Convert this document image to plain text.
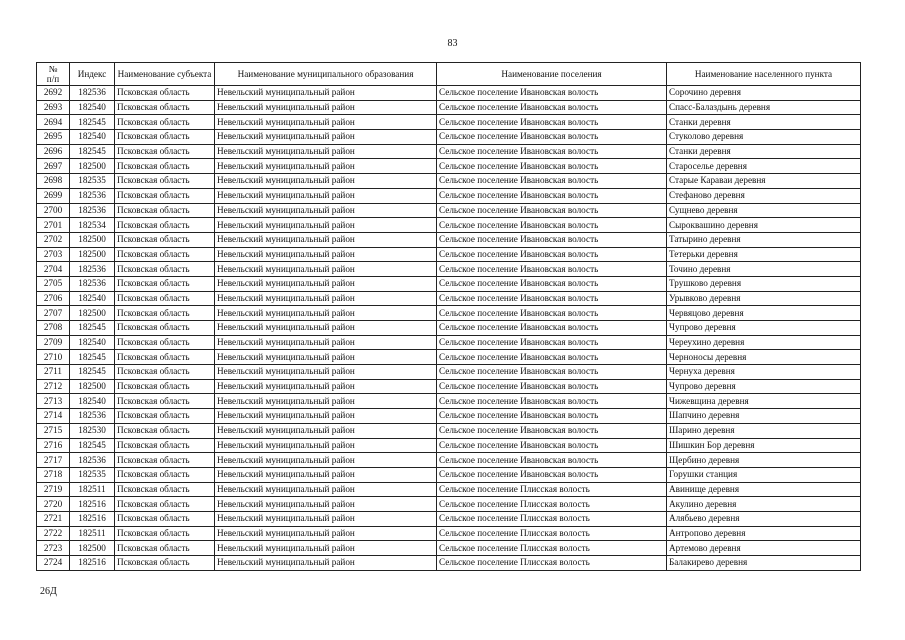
83
№
п/п	Индекс	Наименование субъекта	Наименование муниципального образования	Наименование поселения	Наименование населенного пункта
2692	182536	Псковская область	Невельский муниципальный район	Сельское поселение Ивановская волость	Сорочино деревня
2693	182540	Псковская область	Невельский муниципальный район	Сельское поселение Ивановская волость	Спасс-Балаздынь деревня
2694	182545	Псковская область	Невельский муниципальный район	Сельское поселение Ивановская волость	Станки деревня
2695	182540	Псковская область	Невельский муниципальный район	Сельское поселение Ивановская волость	Стуколово деревня
2696	182545	Псковская область	Невельский муниципальный район	Сельское поселение Ивановская волость	Станки деревня
2697	182500	Псковская область	Невельский муниципальный район	Сельское поселение Ивановская волость	Староселье деревня
2698	182535	Псковская область	Невельский муниципальный район	Сельское поселение Ивановская волость	Старые Караваи деревня
2699	182536	Псковская область	Невельский муниципальный район	Сельское поселение Ивановская волость	Стефаново деревня
2700	182536	Псковская область	Невельский муниципальный район	Сельское поселение Ивановская волость	Сущнево деревня
2701	182534	Псковская область	Невельский муниципальный район	Сельское поселение Ивановская волость	Сыроквашино деревня
2702	182500	Псковская область	Невельский муниципальный район	Сельское поселение Ивановская волость	Татырино деревня
2703	182500	Псковская область	Невельский муниципальный район	Сельское поселение Ивановская волость	Тетерьки деревня
2704	182536	Псковская область	Невельский муниципальный район	Сельское поселение Ивановская волость	Точино деревня
2705	182536	Псковская область	Невельский муниципальный район	Сельское поселение Ивановская волость	Трушково деревня
2706	182540	Псковская область	Невельский муниципальный район	Сельское поселение Ивановская волость	Урывково деревня
2707	182500	Псковская область	Невельский муниципальный район	Сельское поселение Ивановская волость	Червяцово деревня
2708	182545	Псковская область	Невельский муниципальный район	Сельское поселение Ивановская волость	Чупрово деревня
2709	182540	Псковская область	Невельский муниципальный район	Сельское поселение Ивановская волость	Череухино деревня
2710	182545	Псковская область	Невельский муниципальный район	Сельское поселение Ивановская волость	Черноносы деревня
2711	182545	Псковская область	Невельский муниципальный район	Сельское поселение Ивановская волость	Чернуха деревня
2712	182500	Псковская область	Невельский муниципальный район	Сельское поселение Ивановская волость	Чупрово деревня
2713	182540	Псковская область	Невельский муниципальный район	Сельское поселение Ивановская волость	Чижевщина деревня
2714	182536	Псковская область	Невельский муниципальный район	Сельское поселение Ивановская волость	Шапчино деревня
2715	182530	Псковская область	Невельский муниципальный район	Сельское поселение Ивановская волость	Шарино деревня
2716	182545	Псковская область	Невельский муниципальный район	Сельское поселение Ивановская волость	Шишкин Бор деревня
2717	182536	Псковская область	Невельский муниципальный район	Сельское поселение Ивановская волость	Щербино деревня
2718	182535	Псковская область	Невельский муниципальный район	Сельское поселение Ивановская волость	Горушки станция
2719	182511	Псковская область	Невельский муниципальный район	Сельское поселение Плисская волость	Авинище деревня
2720	182516	Псковская область	Невельский муниципальный район	Сельское поселение Плисская волость	Акулино деревня
2721	182516	Псковская область	Невельский муниципальный район	Сельское поселение Плисская волость	Алябьево деревня
2722	182511	Псковская область	Невельский муниципальный район	Сельское поселение Плисская волость	Антропово деревня
2723	182500	Псковская область	Невельский муниципальный район	Сельское поселение Плисская волость	Артемово деревня
2724	182516	Псковская область	Невельский муниципальный район	Сельское поселение Плисская волость	Балакирево деревня
26Д
